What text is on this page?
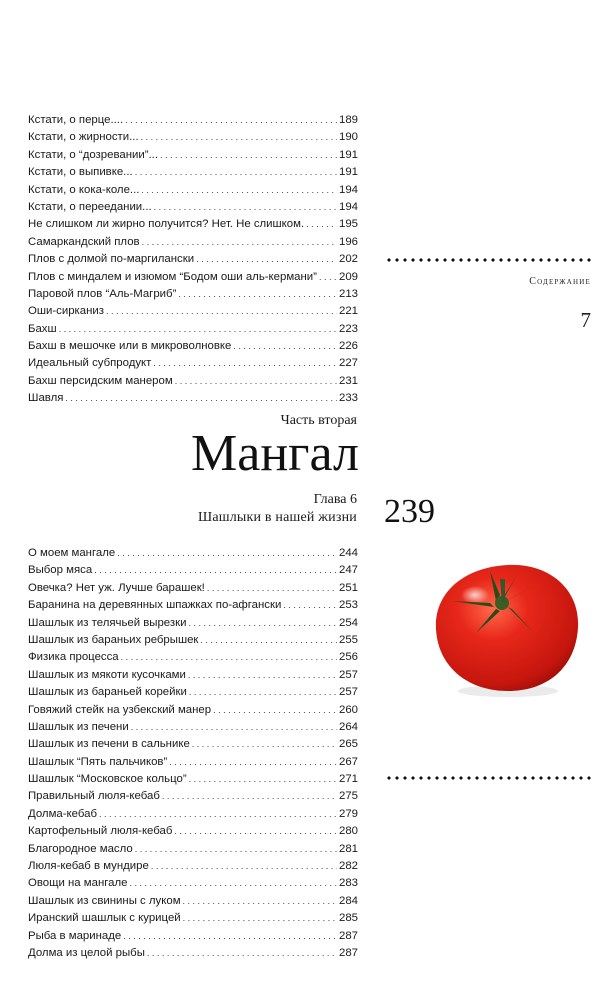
Кстати, о перце.... . . .	189
Кстати, о жирности... . . .	190
Кстати, о “дозревании”... . . .	191
Кстати, о выпивке... . . .	191
Кстати, о кока-коле... . . .	194
Кстати, о переедании... . . .	194
Не слишком ли жирно получится? Нет. Не слишком. . . .	195
Самаркандский плов . . .	196
Плов с долмой по-маргилански . . .	202
Плов с миндалем и изюмом “Бодом оши аль-кермани” . . . 209
Паровой плов “Аль-Магриб” . . .	213
Оши-сирканиз . . .	221
Бахш . . .	223
Бахш в мешочке или в микроволновке . . .	226
Идеальный субпродукт . . .	227
Бахш персидским манером . . .	231
Шавля . . .	233
Содержание
7
Часть вторая
Мангал
Глава 6
Шашлыки в нашей жизни 239
О моем мангале . . .	244
Выбор мяса . . .	247
Овечка? Нет уж. Лучше барашек! . . .	251
Баранина на деревянных шпажках по-афгански . . .	253
Шашлык из телячьей вырезки . . .	254
Шашлык из бараньих ребрышек . . .	255
Физика процесса . . .	256
Шашлык из мякоти кусочками . . .	257
Шашлык из бараньей корейки . . .	257
Говяжий стейк на узбекский манер . . .	260
Шашлык из печени . . .	264
Шашлык из печени в сальнике . . .	265
Шашлык “Пять пальчиков” . . .	267
Шашлык “Московское кольцо” . . .	271
Правильный люля-кебаб . . .	275
Долма-кебаб . . .	279
Картофельный люля-кебаб . . .	280
Благородное масло . . .	281
Люля-кебаб в мундире . . .	282
Овощи на мангале . . .	283
Шашлык из свинины с луком . . .	284
Иранский шашлык с курицей . . .	285
Рыба в маринаде . . .	287
Долма из целой рыбы . . .	287
